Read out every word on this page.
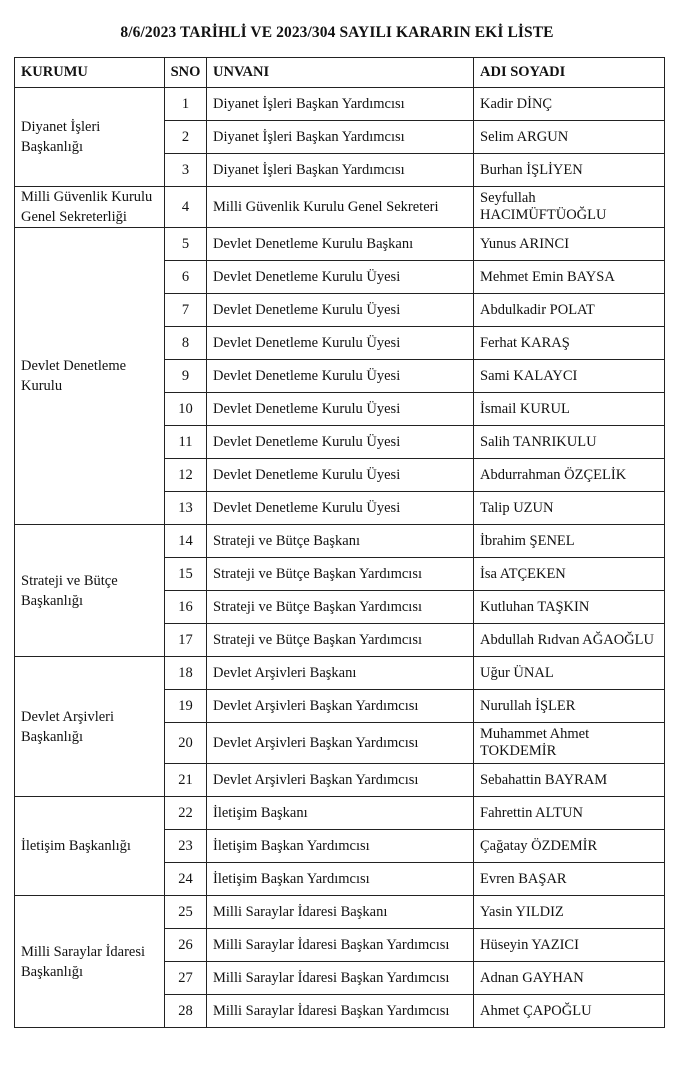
8/6/2023 TARİHLİ VE 2023/304 SAYILI KARARIN EKİ LİSTE
KURUMU	SNO	UNVANI	ADI SOYADI
Diyanet İşleri Başkanlığı	1	Diyanet İşleri Başkan Yardımcısı	Kadir DİNÇ
	2	Diyanet İşleri Başkan Yardımcısı	Selim ARGUN
	3	Diyanet İşleri Başkan Yardımcısı	Burhan İŞLİYEN
Milli Güvenlik Kurulu Genel Sekreterliği	4	Milli Güvenlik Kurulu Genel Sekreteri	Seyfullah HACIMÜFTÜOĞLU
Devlet Denetleme Kurulu	5	Devlet Denetleme Kurulu Başkanı	Yunus ARINCI
	6	Devlet Denetleme Kurulu Üyesi	Mehmet Emin BAYSA
	7	Devlet Denetleme Kurulu Üyesi	Abdulkadir POLAT
	8	Devlet Denetleme Kurulu Üyesi	Ferhat KARAŞ
	9	Devlet Denetleme Kurulu Üyesi	Sami KALAYCI
	10	Devlet Denetleme Kurulu Üyesi	İsmail KURUL
	11	Devlet Denetleme Kurulu Üyesi	Salih TANRIKULU
	12	Devlet Denetleme Kurulu Üyesi	Abdurrahman ÖZÇELİK
	13	Devlet Denetleme Kurulu Üyesi	Talip UZUN
Strateji ve Bütçe Başkanlığı	14	Strateji ve Bütçe Başkanı	İbrahim ŞENEL
	15	Strateji ve Bütçe Başkan Yardımcısı	İsa ATÇEKEN
	16	Strateji ve Bütçe Başkan Yardımcısı	Kutluhan TAŞKIN
	17	Strateji ve Bütçe Başkan Yardımcısı	Abdullah Rıdvan AĞAOĞLU
Devlet Arşivleri Başkanlığı	18	Devlet Arşivleri Başkanı	Uğur ÜNAL
	19	Devlet Arşivleri Başkan Yardımcısı	Nurullah İŞLER
	20	Devlet Arşivleri Başkan Yardımcısı	Muhammet Ahmet TOKDEMİR
	21	Devlet Arşivleri Başkan Yardımcısı	Sebahattin BAYRAM
İletişim Başkanlığı	22	İletişim Başkanı	Fahrettin ALTUN
	23	İletişim Başkan Yardımcısı	Çağatay ÖZDEMİR
	24	İletişim Başkan Yardımcısı	Evren BAŞAR
Milli Saraylar İdaresi Başkanlığı	25	Milli Saraylar İdaresi Başkanı	Yasin YILDIZ
	26	Milli Saraylar İdaresi Başkan Yardımcısı	Hüseyin YAZICI
	27	Milli Saraylar İdaresi Başkan Yardımcısı	Adnan GAYHAN
	28	Milli Saraylar İdaresi Başkan Yardımcısı	Ahmet ÇAPOĞLU
